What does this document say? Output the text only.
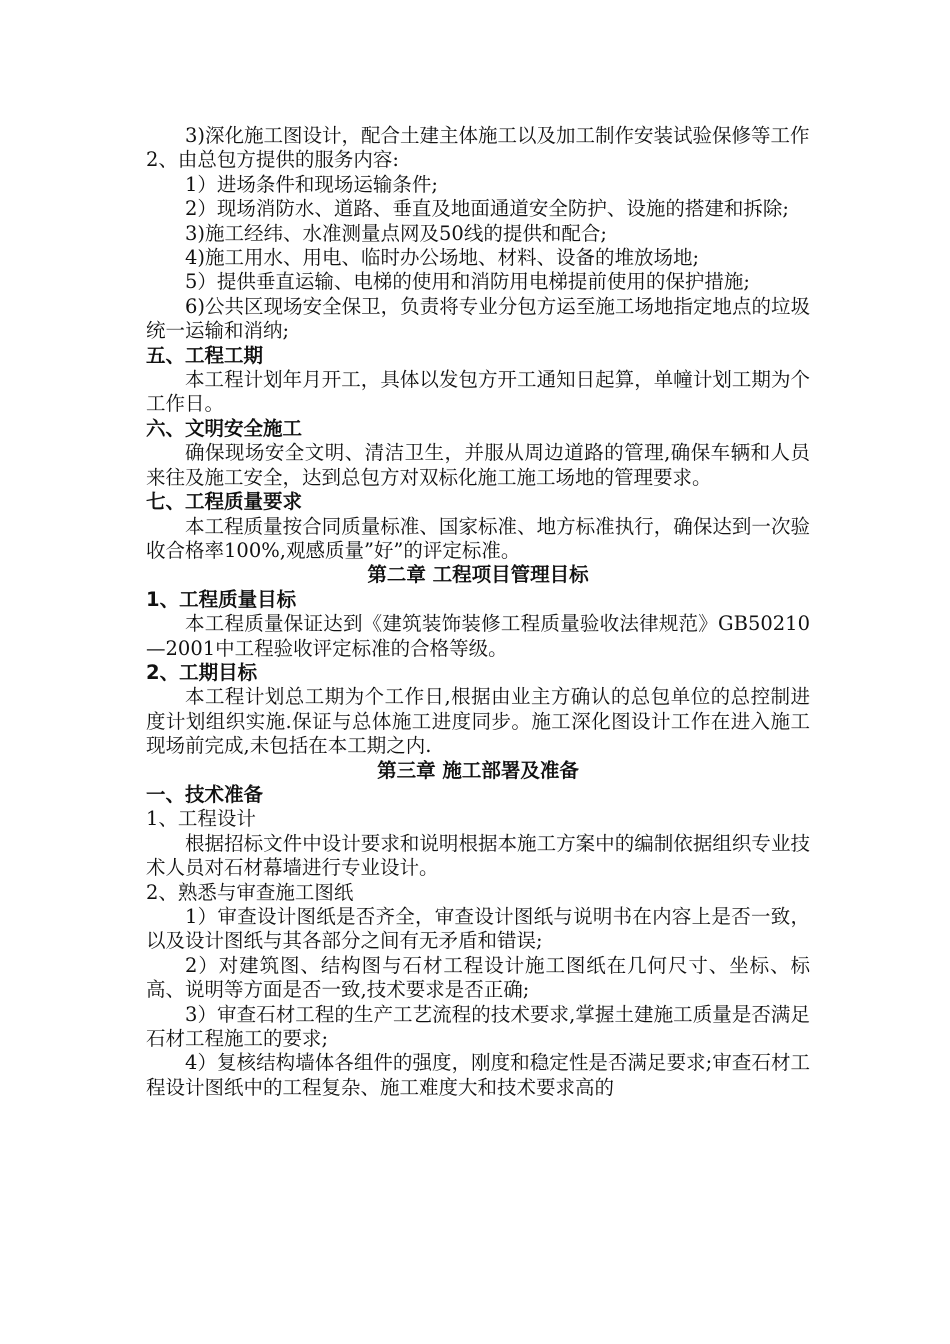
3)深化施工图设计，配合土建主体施工以及加工制作安装试验保修等工作

2、由总包方提供的服务内容:

1）进场条件和现场运输条件;

2）现场消防水、道路、垂直及地面通道安全防护、设施的搭建和拆除;

3)施工经纬、水准测量点网及50线的提供和配合;

4)施工用水、用电、临时办公场地、材料、设备的堆放场地;

5）提供垂直运输、电梯的使用和消防用电梯提前使用的保护措施;

6)公共区现场安全保卫，负责将专业分包方运至施工场地指定地点的垃圾统一运输和消纳;

五、工程工期

本工程计划年月开工，具体以发包方开工通知日起算，单幢计划工期为个工作日。

六、文明安全施工

确保现场安全文明、清洁卫生，并服从周边道路的管理,确保车辆和人员来往及施工安全，达到总包方对双标化施工施工场地的管理要求。

七、工程质量要求

本工程质量按合同质量标准、国家标准、地方标准执行，确保达到一次验收合格率100%,观感质量”好”的评定标准。

第二章 工程项目管理目标

1、工程质量目标

本工程质量保证达到《建筑装饰装修工程质量验收法律规范》GB50210—2001中工程验收评定标准的合格等级。

2、工期目标

本工程计划总工期为个工作日,根据由业主方确认的总包单位的总控制进度计划组织实施.保证与总体施工进度同步。施工深化图设计工作在进入施工现场前完成,未包括在本工期之内.

第三章 施工部署及准备

一、技术准备

1、工程设计

根据招标文件中设计要求和说明根据本施工方案中的编制依据组织专业技术人员对石材幕墙进行专业设计。

2、熟悉与审查施工图纸

1）审查设计图纸是否齐全，审查设计图纸与说明书在内容上是否一致，以及设计图纸与其各部分之间有无矛盾和错误;

2）对建筑图、结构图与石材工程设计施工图纸在几何尺寸、坐标、标高、说明等方面是否一致,技术要求是否正确;

3）审查石材工程的生产工艺流程的技术要求,掌握土建施工质量是否满足石材工程施工的要求;

4）复核结构墙体各组件的强度，刚度和稳定性是否满足要求;审查石材工程设计图纸中的工程复杂、施工难度大和技术要求高的
